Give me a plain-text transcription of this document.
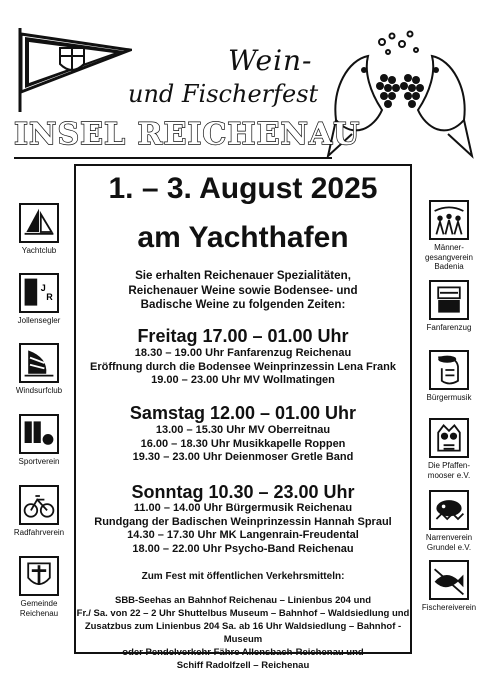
Wein-
und Fischerfest
INSEL REICHENAU
1. – 3. August 2025
am Yachthafen
Sie erhalten Reichenauer Spezialitäten,
Reichenauer Weine sowie Bodensee- und
Badische Weine zu folgenden Zeiten:
Freitag 17.00 – 01.00 Uhr
18.30 – 19.00 Uhr Fanfarenzug Reichenau
Eröffnung durch die Bodensee Weinprinzessin Lena Frank
19.00 – 23.00 Uhr MV Wollmatingen
Samstag 12.00 – 01.00 Uhr
13.00 – 15.30 Uhr MV Oberreitnau
16.00 – 18.30 Uhr Musikkapelle Roppen
19.30 – 23.00 Uhr Deienmoser Gretle Band
Sonntag 10.30 – 23.00 Uhr
11.00 – 14.00 Uhr Bürgermusik Reichenau
Rundgang der Badischen Weinprinzessin Hannah Spraul
14.30 – 17.30 Uhr MK Langenrain-Freudental
18.00 – 22.00 Uhr Psycho-Band Reichenau
Zum Fest mit öffentlichen Verkehrsmitteln:
SBB-Seehas an Bahnhof Reichenau – Linienbus 204 und
Fr./ Sa. von 22 – 2 Uhr Shuttelbus Museum – Bahnhof – Waldsiedlung und
Zusatzbus zum Linienbus 204 Sa. ab 16 Uhr Waldsiedlung – Bahnhof - Museum
oder Pendelverkehr Fähre Allensbach-Reichenau und
Schiff Radolfzell – Reichenau
Yachtclub
J
R
Jollensegler
Windsurfclub
Sportverein
Radfahrverein
Gemeinde
Reichenau
Männer-
gesangverein
Badenia
Fanfarenzug
Bürgermusik
Die Pfaffen-
mooser e.V.
Narrenverein
Grundel e.V.
Fischereiverein
